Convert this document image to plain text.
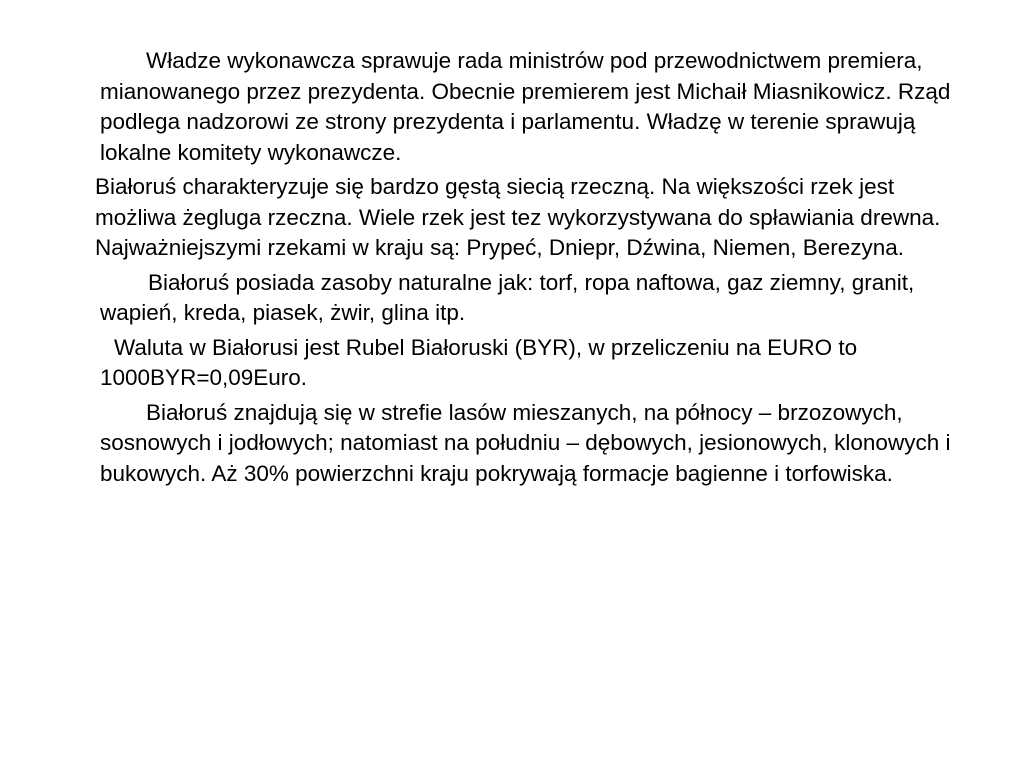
Władze wykonawcza sprawuje rada ministrów pod przewodnictwem premiera, mianowanego przez prezydenta. Obecnie premierem jest Michaił Miasnikowicz. Rząd podlega nadzorowi ze strony prezydenta i parlamentu. Władzę w terenie sprawują lokalne komitety wykonawcze.

Białoruś charakteryzuje się bardzo gęstą siecią rzeczną. Na większości rzek jest możliwa żegluga rzeczna. Wiele rzek jest tez wykorzystywana do spławiania drewna. Najważniejszymi rzekami w kraju są: Prypeć, Dniepr, Dźwina, Niemen, Berezyna.

Białoruś posiada zasoby naturalne jak: torf, ropa naftowa, gaz ziemny, granit, wapień, kreda, piasek, żwir, glina itp.

Waluta w Białorusi jest Rubel Białoruski (BYR), w przeliczeniu na EURO to 1000BYR=0,09Euro.

Białoruś znajdują się w strefie lasów mieszanych, na północy – brzozowych, sosnowych i jodłowych; natomiast na południu – dębowych, jesionowych, klonowych i bukowych. Aż 30% powierzchni kraju pokrywają formacje bagienne i torfowiska.
